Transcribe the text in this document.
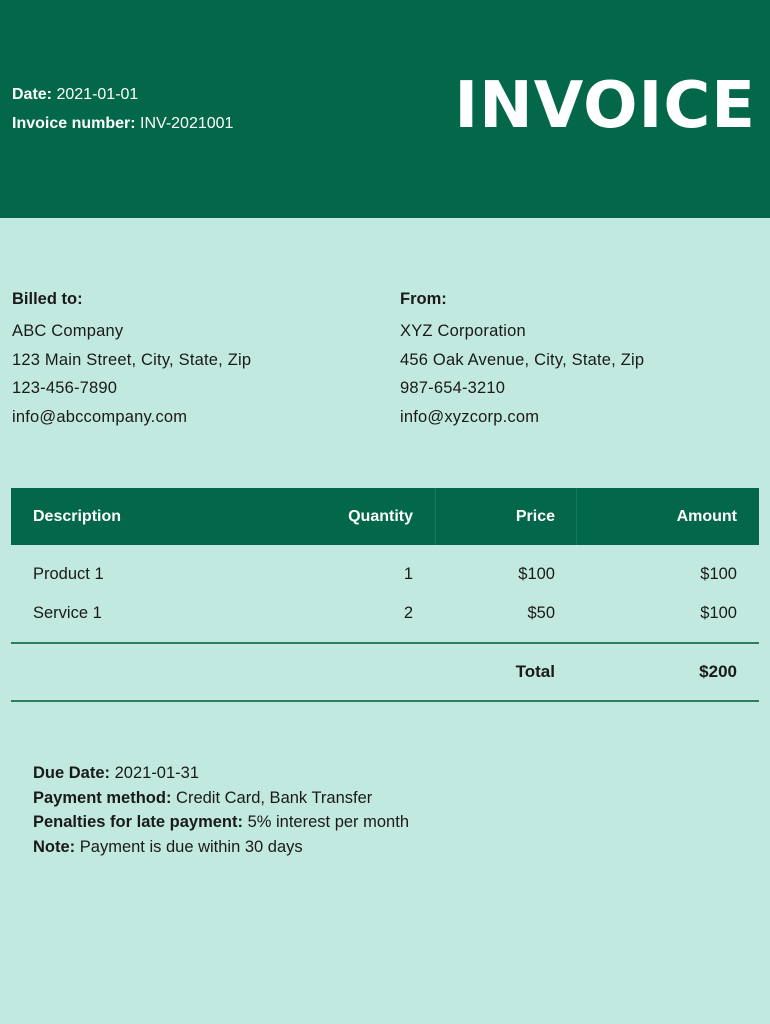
Date: 2021-01-01
Invoice number: INV-2021001	INVOICE
Billed to:
ABC Company
123 Main Street, City, State, Zip
123-456-7890
info@abccompany.com
From:
XYZ Corporation
456 Oak Avenue, City, State, Zip
987-654-3210
info@xyzcorp.com
Description	Quantity	Price	Amount
Product 1	1	$100	$100
Service 1	2	$50	$100
Total	$200
Due Date: 2021-01-31
Payment method: Credit Card, Bank Transfer
Penalties for late payment: 5% interest per month
Note: Payment is due within 30 days
